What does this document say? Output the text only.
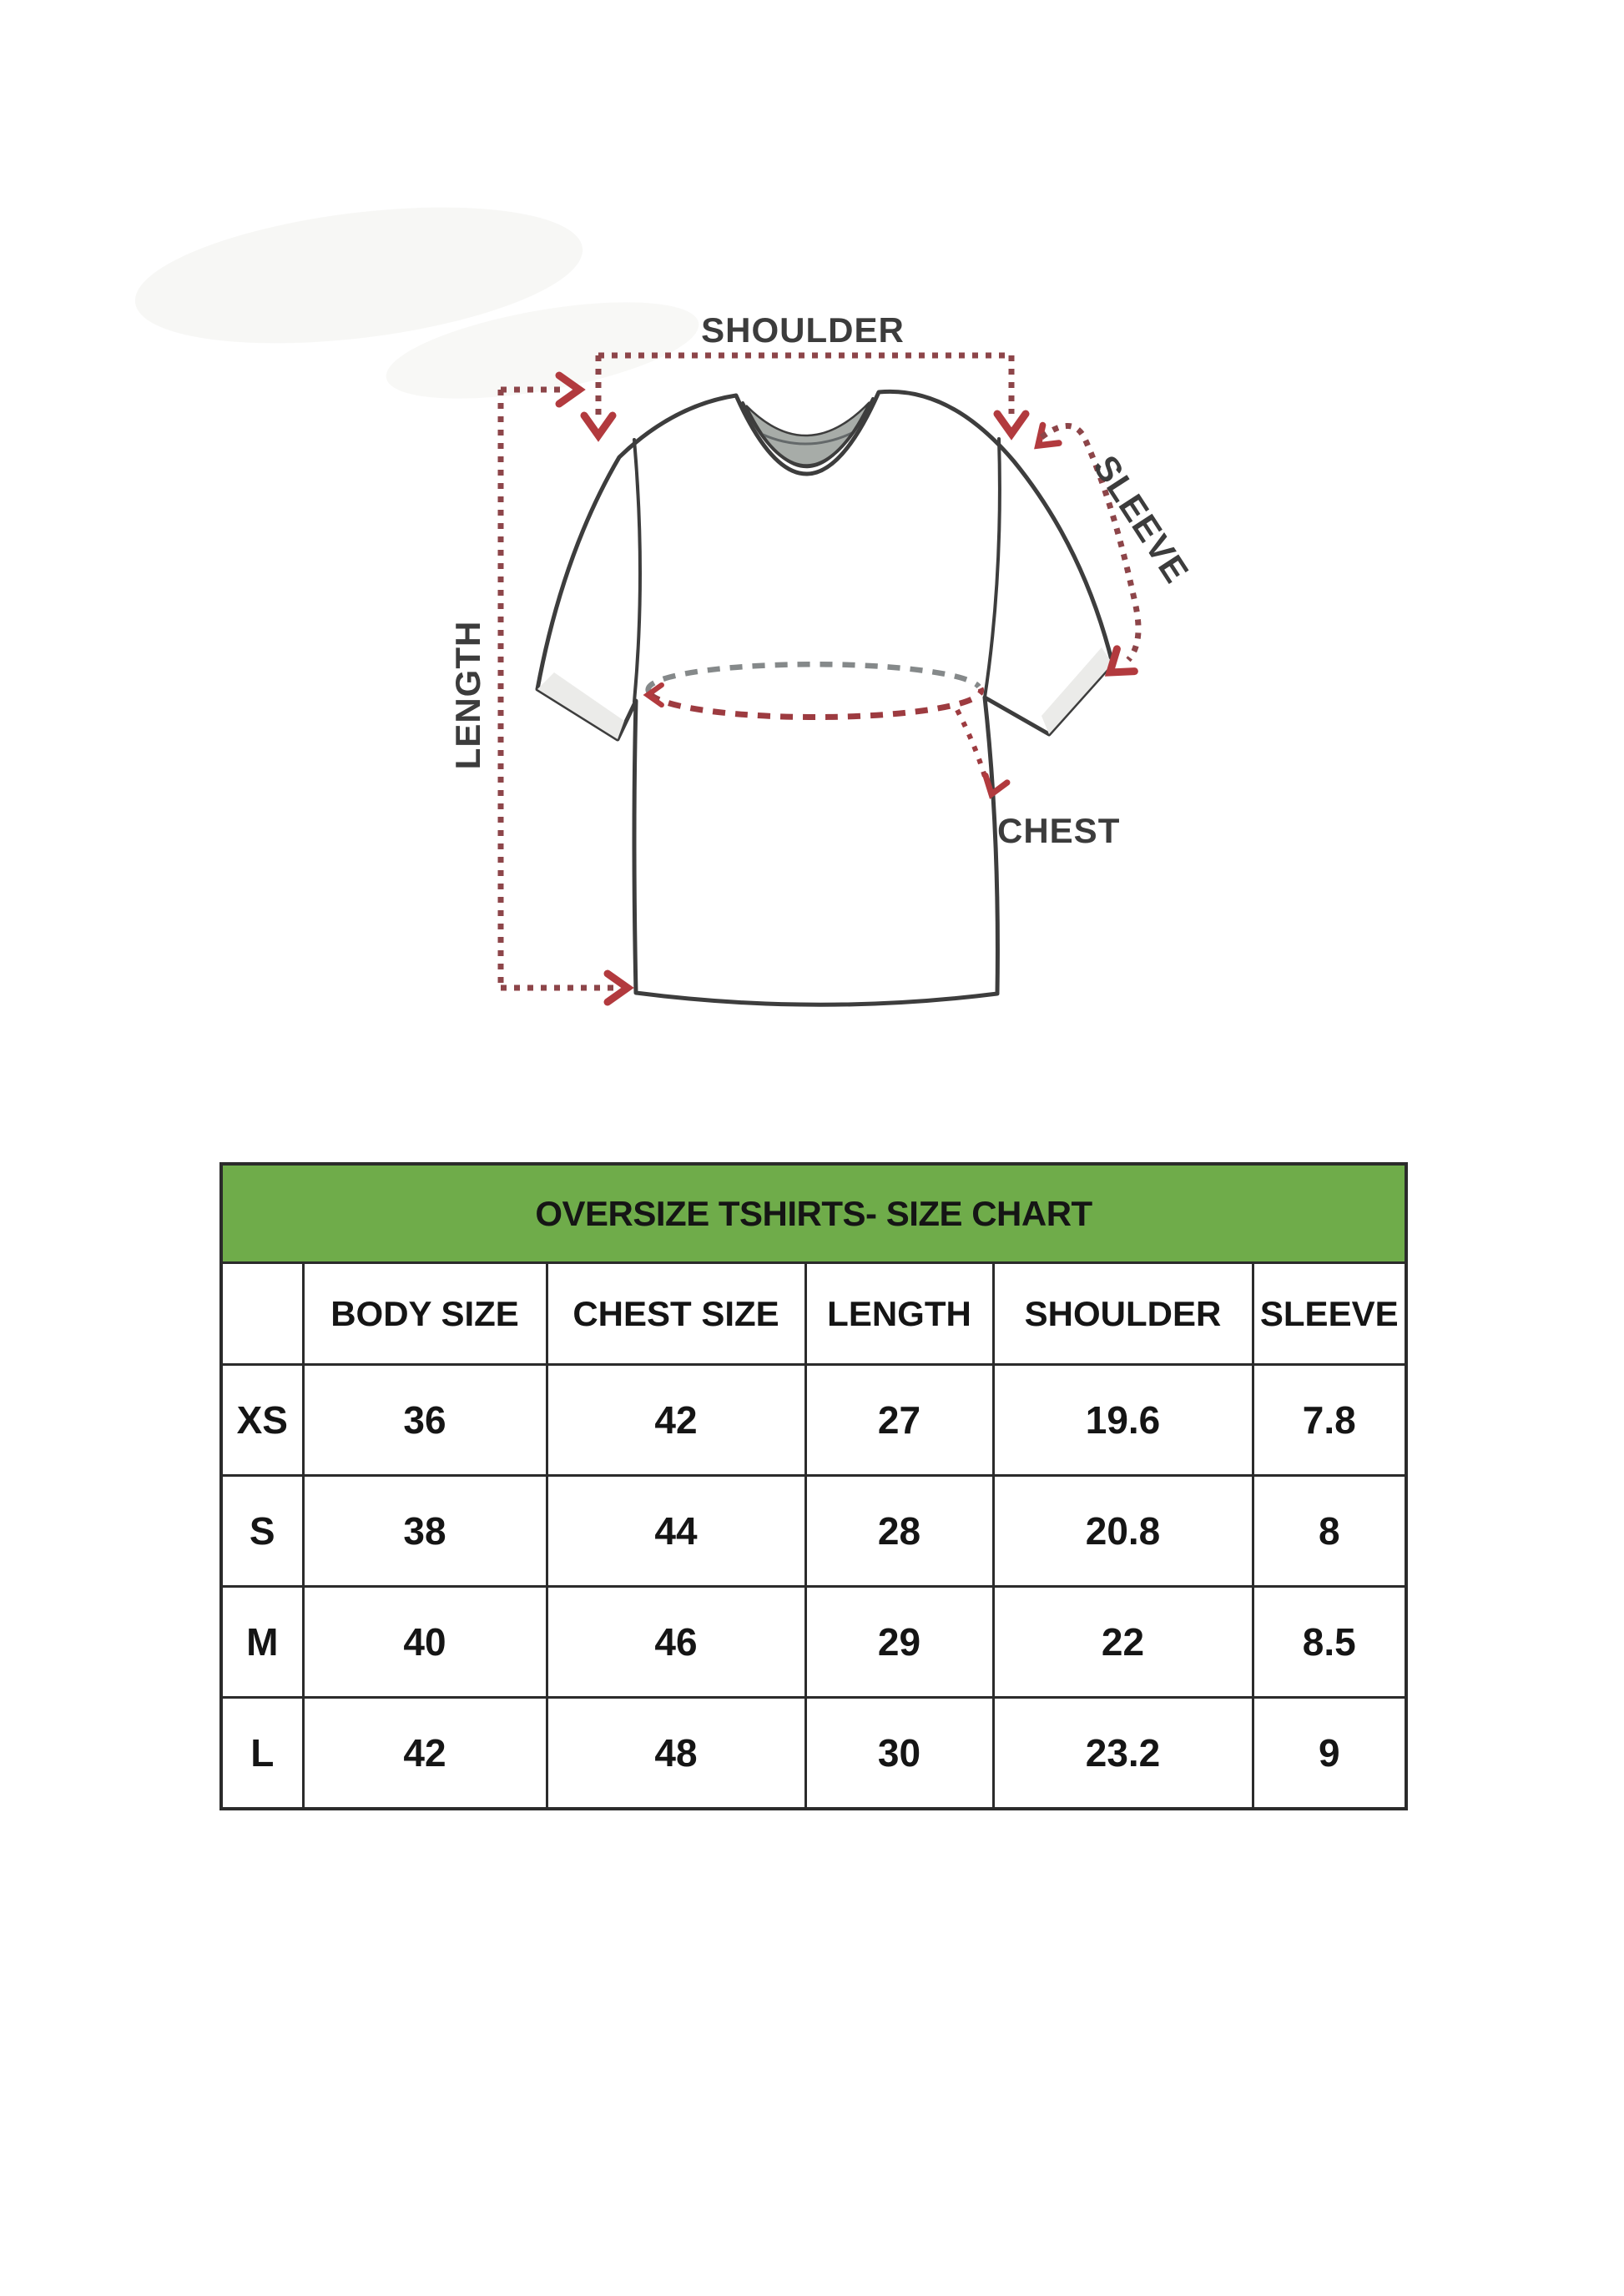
SHOULDER
LENGTH
SLEEVE
CHEST
OVERSIZE TSHIRTS- SIZE CHART					
	BODY SIZE	CHEST SIZE	LENGTH	SHOULDER	SLEEVE
XS	36	42	27	19.6	7.8
S	38	44	28	20.8	8
M	40	46	29	22	8.5
L	42	48	30	23.2	9
